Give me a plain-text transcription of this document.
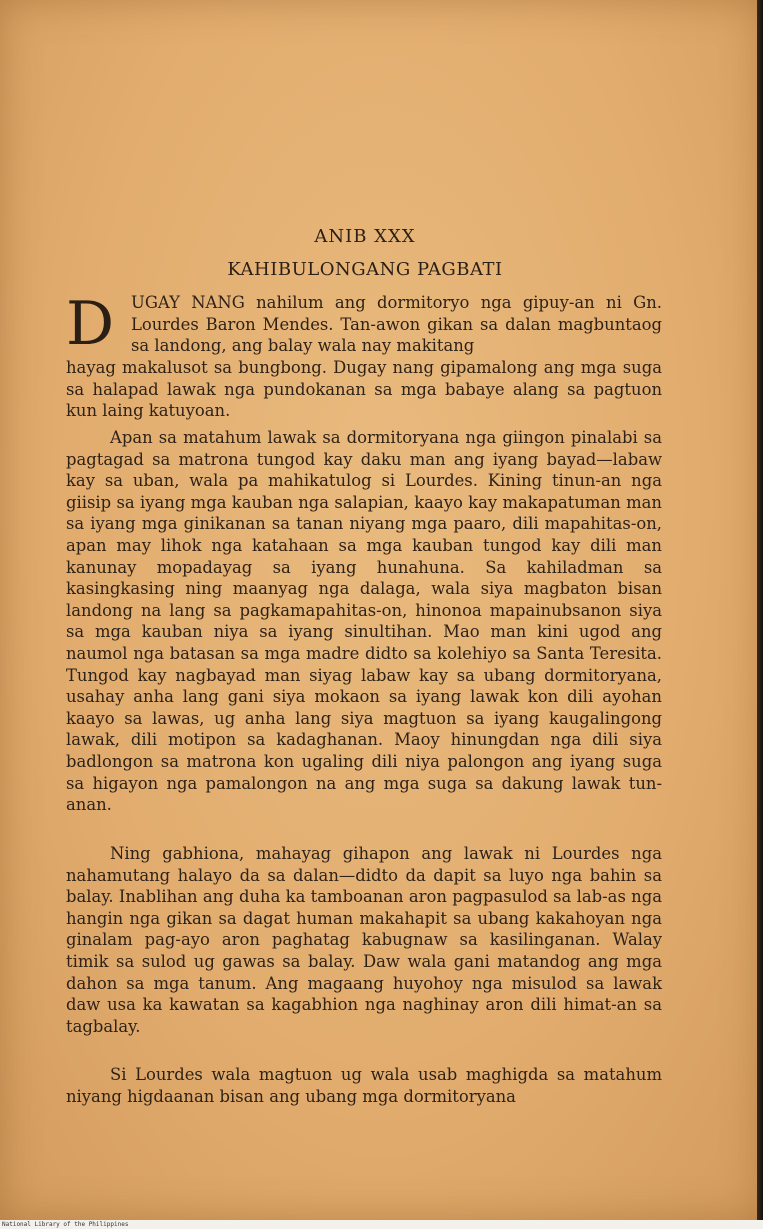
ANIB XXX
KAHIBULONGANG PAGBATI
D	UGAY NANG nahilum ang dormitoryo nga gipuy-an ni Gn. Lourdes Baron Mendes. Tan-awon gikan sa dalan magbuntaog sa landong, ang balay wala nay makitang

hayag makalusot sa bungbong. Dugay nang gipamalong ang mga suga sa halapad lawak nga pundokanan sa mga babaye alang sa pagtuon kun laing katuyoan.

Apan sa matahum lawak sa dormitoryana nga giingon pinalabi sa pagtagad sa matrona tungod kay daku man ang iyang bayad—labaw kay sa uban, wala pa mahikatulog si Lourdes. Kining tinun-an nga giisip sa iyang mga kauban nga salapian, kaayo kay makapatuman man sa iyang mga ginikanan sa tanan niyang mga paaro, dili mapahitas-on, apan may lihok nga katahaan sa mga kauban tungod kay dili man kanunay mopadayag sa iyang hunahuna. Sa kahiladman sa kasingkasing ning maanyag nga dalaga, wala siya magbaton bisan landong na lang sa pagkamapahitas-on, hinonoa mapainubsanon siya sa mga kauban niya sa iyang sinultihan. Mao man kini ugod ang naumol nga batasan sa mga madre didto sa kolehiyo sa Santa Teresita. Tungod kay nagbayad man siyag labaw kay sa ubang dormitoryana, usahay anha lang gani siya mokaon sa iyang lawak kon dili ayohan kaayo sa lawas, ug anha lang siya magtuon sa iyang kaugalingong lawak, dili motipon sa kadaghanan. Maoy hinungdan nga dili siya badlongon sa matrona kon ugaling dili niya palongon ang iyang suga sa higayon nga pamalongon na ang mga suga sa dakung lawak tun-anan.

Ning gabhiona, mahayag gihapon ang lawak ni Lourdes nga nahamutang halayo da sa dalan—didto da dapit sa luyo nga bahin sa balay. Inablihan ang duha ka tamboanan aron pagpasulod sa lab-as nga hangin nga gikan sa dagat human makahapit sa ubang kakahoyan nga ginalam pag-ayo aron paghatag kabugnaw sa kasilinganan. Walay timik sa sulod ug gawas sa balay. Daw wala gani matandog ang mga dahon sa mga tanum. Ang magaang huyohoy nga misulod sa lawak daw usa ka kawatan sa kagabhion nga naghinay aron dili himat-an sa tagbalay.

Si Lourdes wala magtuon ug wala usab maghigda sa matahum niyang higdaanan bisan ang ubang mga dormitoryana

National Library of the Philippines
